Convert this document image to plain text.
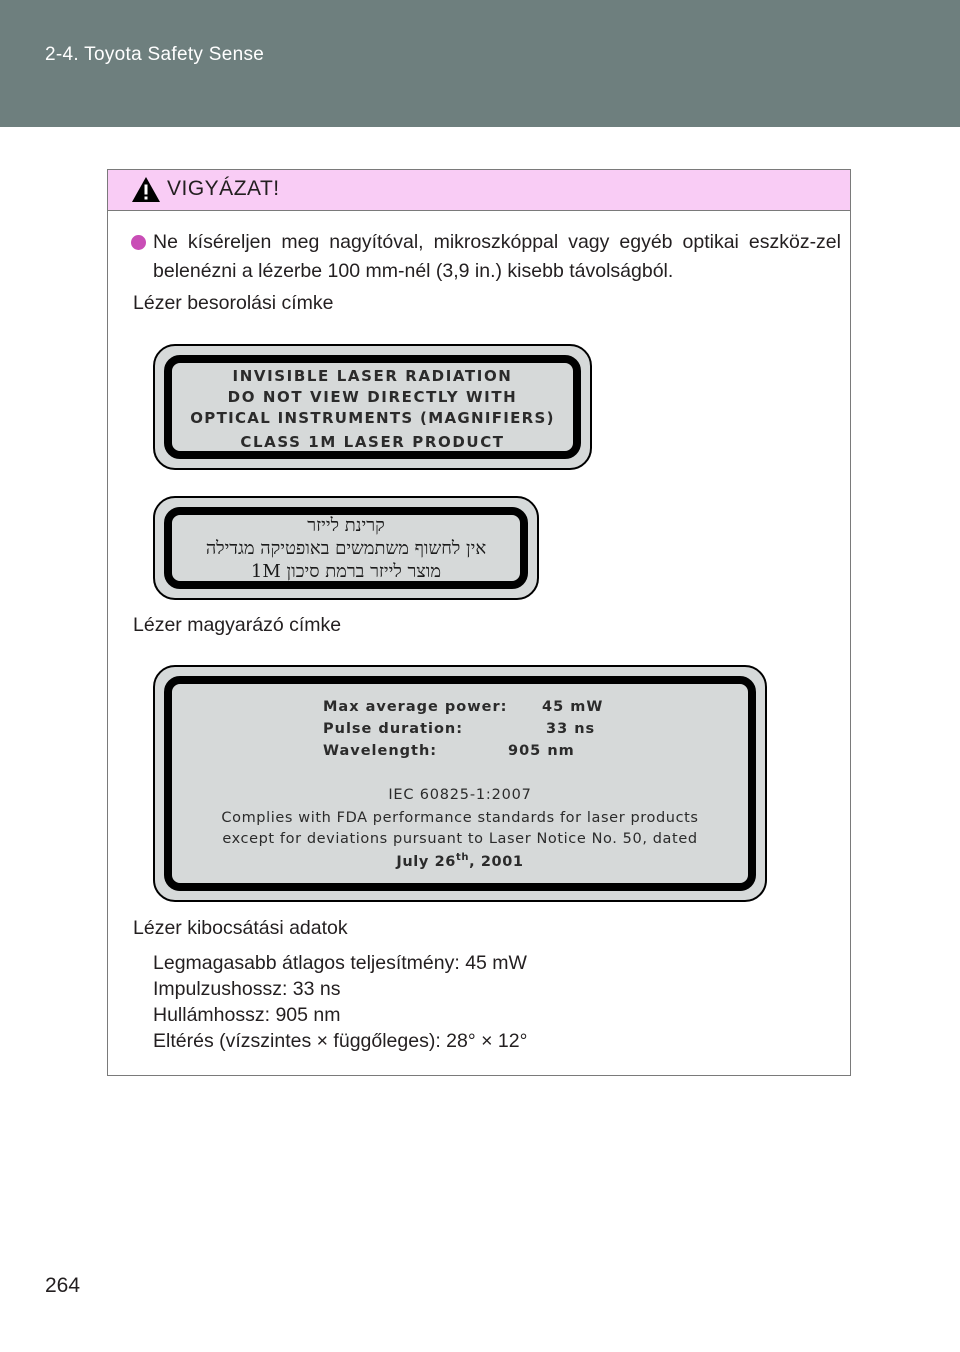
2-4. Toyota Safety Sense
VIGYÁZAT!
Ne kíséreljen meg nagyítóval, mikroszkóppal vagy egyéb optikai eszköz-zel belenézni a lézerbe 100 mm-nél (3,9 in.) kisebb távolságból.
Lézer besorolási címke
INVISIBLE LASER RADIATION
DO NOT VIEW DIRECTLY WITH
OPTICAL INSTRUMENTS (MAGNIFIERS)
CLASS 1M LASER PRODUCT
קרינת לייזר
אין לחשוף משתמשים באופטיקה מגדילה
מוצר לייזר ברמת סיכון 1M
Lézer magyarázó címke
Max average power: 45 mW
Pulse duration:	33 ns
Wavelength:	905 nm
IEC 60825-1:2007
Complies with FDA performance standards for laser products
except for deviations pursuant to Laser Notice No. 50, dated
July 26th, 2001
Lézer kibocsátási adatok
Legmagasabb átlagos teljesítmény: 45 mW
Impulzushossz: 33 ns
Hullámhossz: 905 nm
Eltérés (vízszintes × függőleges): 28° × 12°
264
